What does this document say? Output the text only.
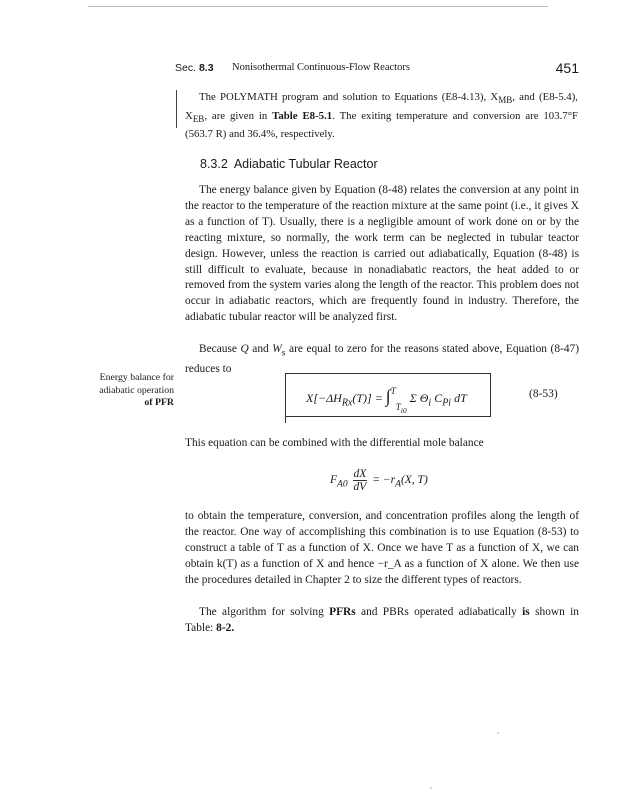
Sec. 8.3 Nonisothermal Continuous-Flow Reactors	451

The POLYMATH program and solution to Equations (E8-4.13), $X_{MB}$, and (E8-5.4), $X_{EB}$, are given in Table E8-5.1. The exiting temperature and conversion are 103.7°F (563.7 R) and 36.4%, respectively.

8.3.2 Adiabatic Tubular Reactor

The energy balance given by Equation (8-48) relates the conversion at any point in the reactor to the temperature of the reaction mixture at the same point (i.e., it gives X as a function of T). Usually, there is a negligible amount of work done on or by the reacting mixture, so normally, the work term can be neglected in tubular teactor design. However, unless the reaction is carried out adiabatically, Equation (8-48) is still difficult to evaluate, because in nonadiabatic reactors, the heat added to or removed from the system varies along the length of the reactor. This problem does not occur in adiabatic reactors, which are frequently found in industry. Therefore, the adiabatic tubular reactor will be analyzed first.

Because Q and $W_s$ are equal to zero for the reasons stated above, Equation (8-47) reduces to

Energy balance for
adiabatic operation
of PFR	$X[-\Delta H_{Rx}(T)] = \int^T_{T_{i0}}$ Σ $\Theta_i$ $C_{Pi}$ dT	(8-53)

This equation can be combined with the differential mole balance

$F_{A0} \frac{dX}{dV} = -r_A(X$, T)

to obtain the temperature, conversion, and concentration profiles along the length of the reactor. One way of accomplishing this combination is to use Equation (8-53) to construct a table of T as a function of X. Once we have T as a function of X, we can obtain k(T) as a function of X and hence −r_A as a function of X alone. We then use the procedures detailed in Chapter 2 to size the different types of reactors.

The algorithm for solving PFRs and PBRs operated adiabatically is shown in Table: 8-2.
